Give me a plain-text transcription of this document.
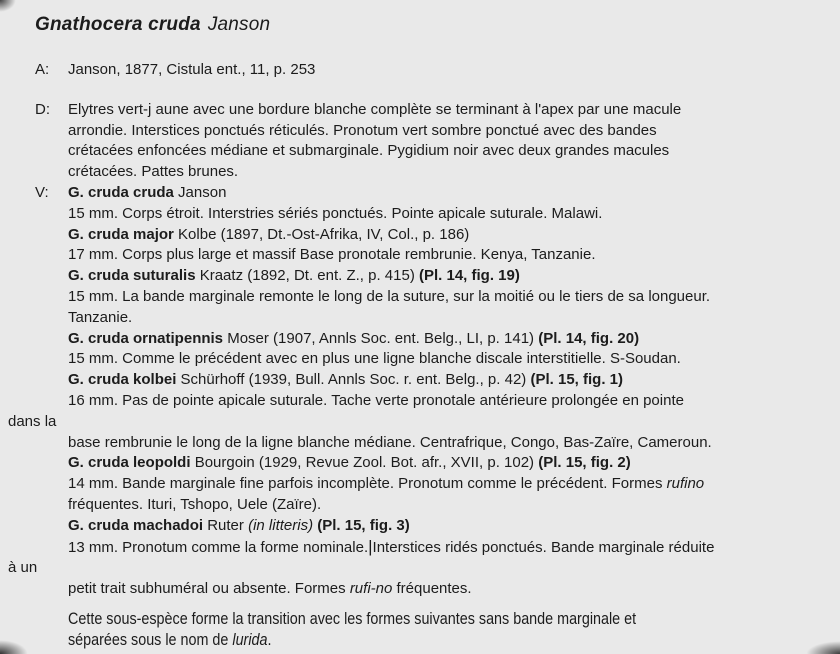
Gnathocera cruda Janson
A:	Janson, 1877, Cistula ent., 11, p. 253
D:	Elytres vert-j aune avec une bordure blanche complète se terminant à l'apex par une macule
arrondie. Interstices ponctués réticulés. Pronotum vert sombre ponctué avec des bandes
crétacées enfoncées médiane et submarginale. Pygidium noir avec deux grandes macules
crétacées. Pattes brunes.
V:	G. cruda cruda Janson
15 mm. Corps étroit. Interstries sériés ponctués. Pointe apicale suturale. Malawi.
G. cruda major Kolbe (1897, Dt.-Ost-Afrika, IV, Col., p. 186)
17 mm. Corps plus large et massif Base pronotale rembrunie. Kenya, Tanzanie.
G. cruda suturalis Kraatz (1892, Dt. ent. Z., p. 415) (Pl. 14, fig. 19)
15 mm. La bande marginale remonte le long de la suture, sur la moitié ou le tiers de sa longueur.
Tanzanie.
G. cruda ornatipennis Moser (1907, Annls Soc. ent. Belg., LI, p. 141) (Pl. 14, fig. 20)
15 mm. Comme le précédent avec en plus une ligne blanche discale interstitielle. S-Soudan.
G. cruda kolbei Schürhoff (1939, Bull. Annls Soc. r. ent. Belg., p. 42) (Pl. 15, fig. 1)
16 mm. Pas de pointe apicale suturale. Tache verte pronotale antérieure prolongée en pointe
dans la
base rembrunie le long de la ligne blanche médiane. Centrafrique, Congo, Bas-Zaïre, Cameroun.
G. cruda leopoldi Bourgoin (1929, Revue Zool. Bot. afr., XVII, p. 102) (Pl. 15, fig. 2)
14 mm. Bande marginale fine parfois incomplète. Pronotum comme le précédent. Formes rufino
fréquentes. Ituri, Tshopo, Uele (Zaïre).
G. cruda machadoi Ruter (in litteris) (Pl. 15, fig. 3)
13 mm. Pronotum comme la forme nominale.|Interstices ridés ponctués. Bande marginale réduite
à un
petit trait subhuméral ou absente. Formes rufi-no fréquentes.
Cette sous-espèce forme la transition avec les formes suivantes sans bande marginale et
séparées sous le nom de lurida.
